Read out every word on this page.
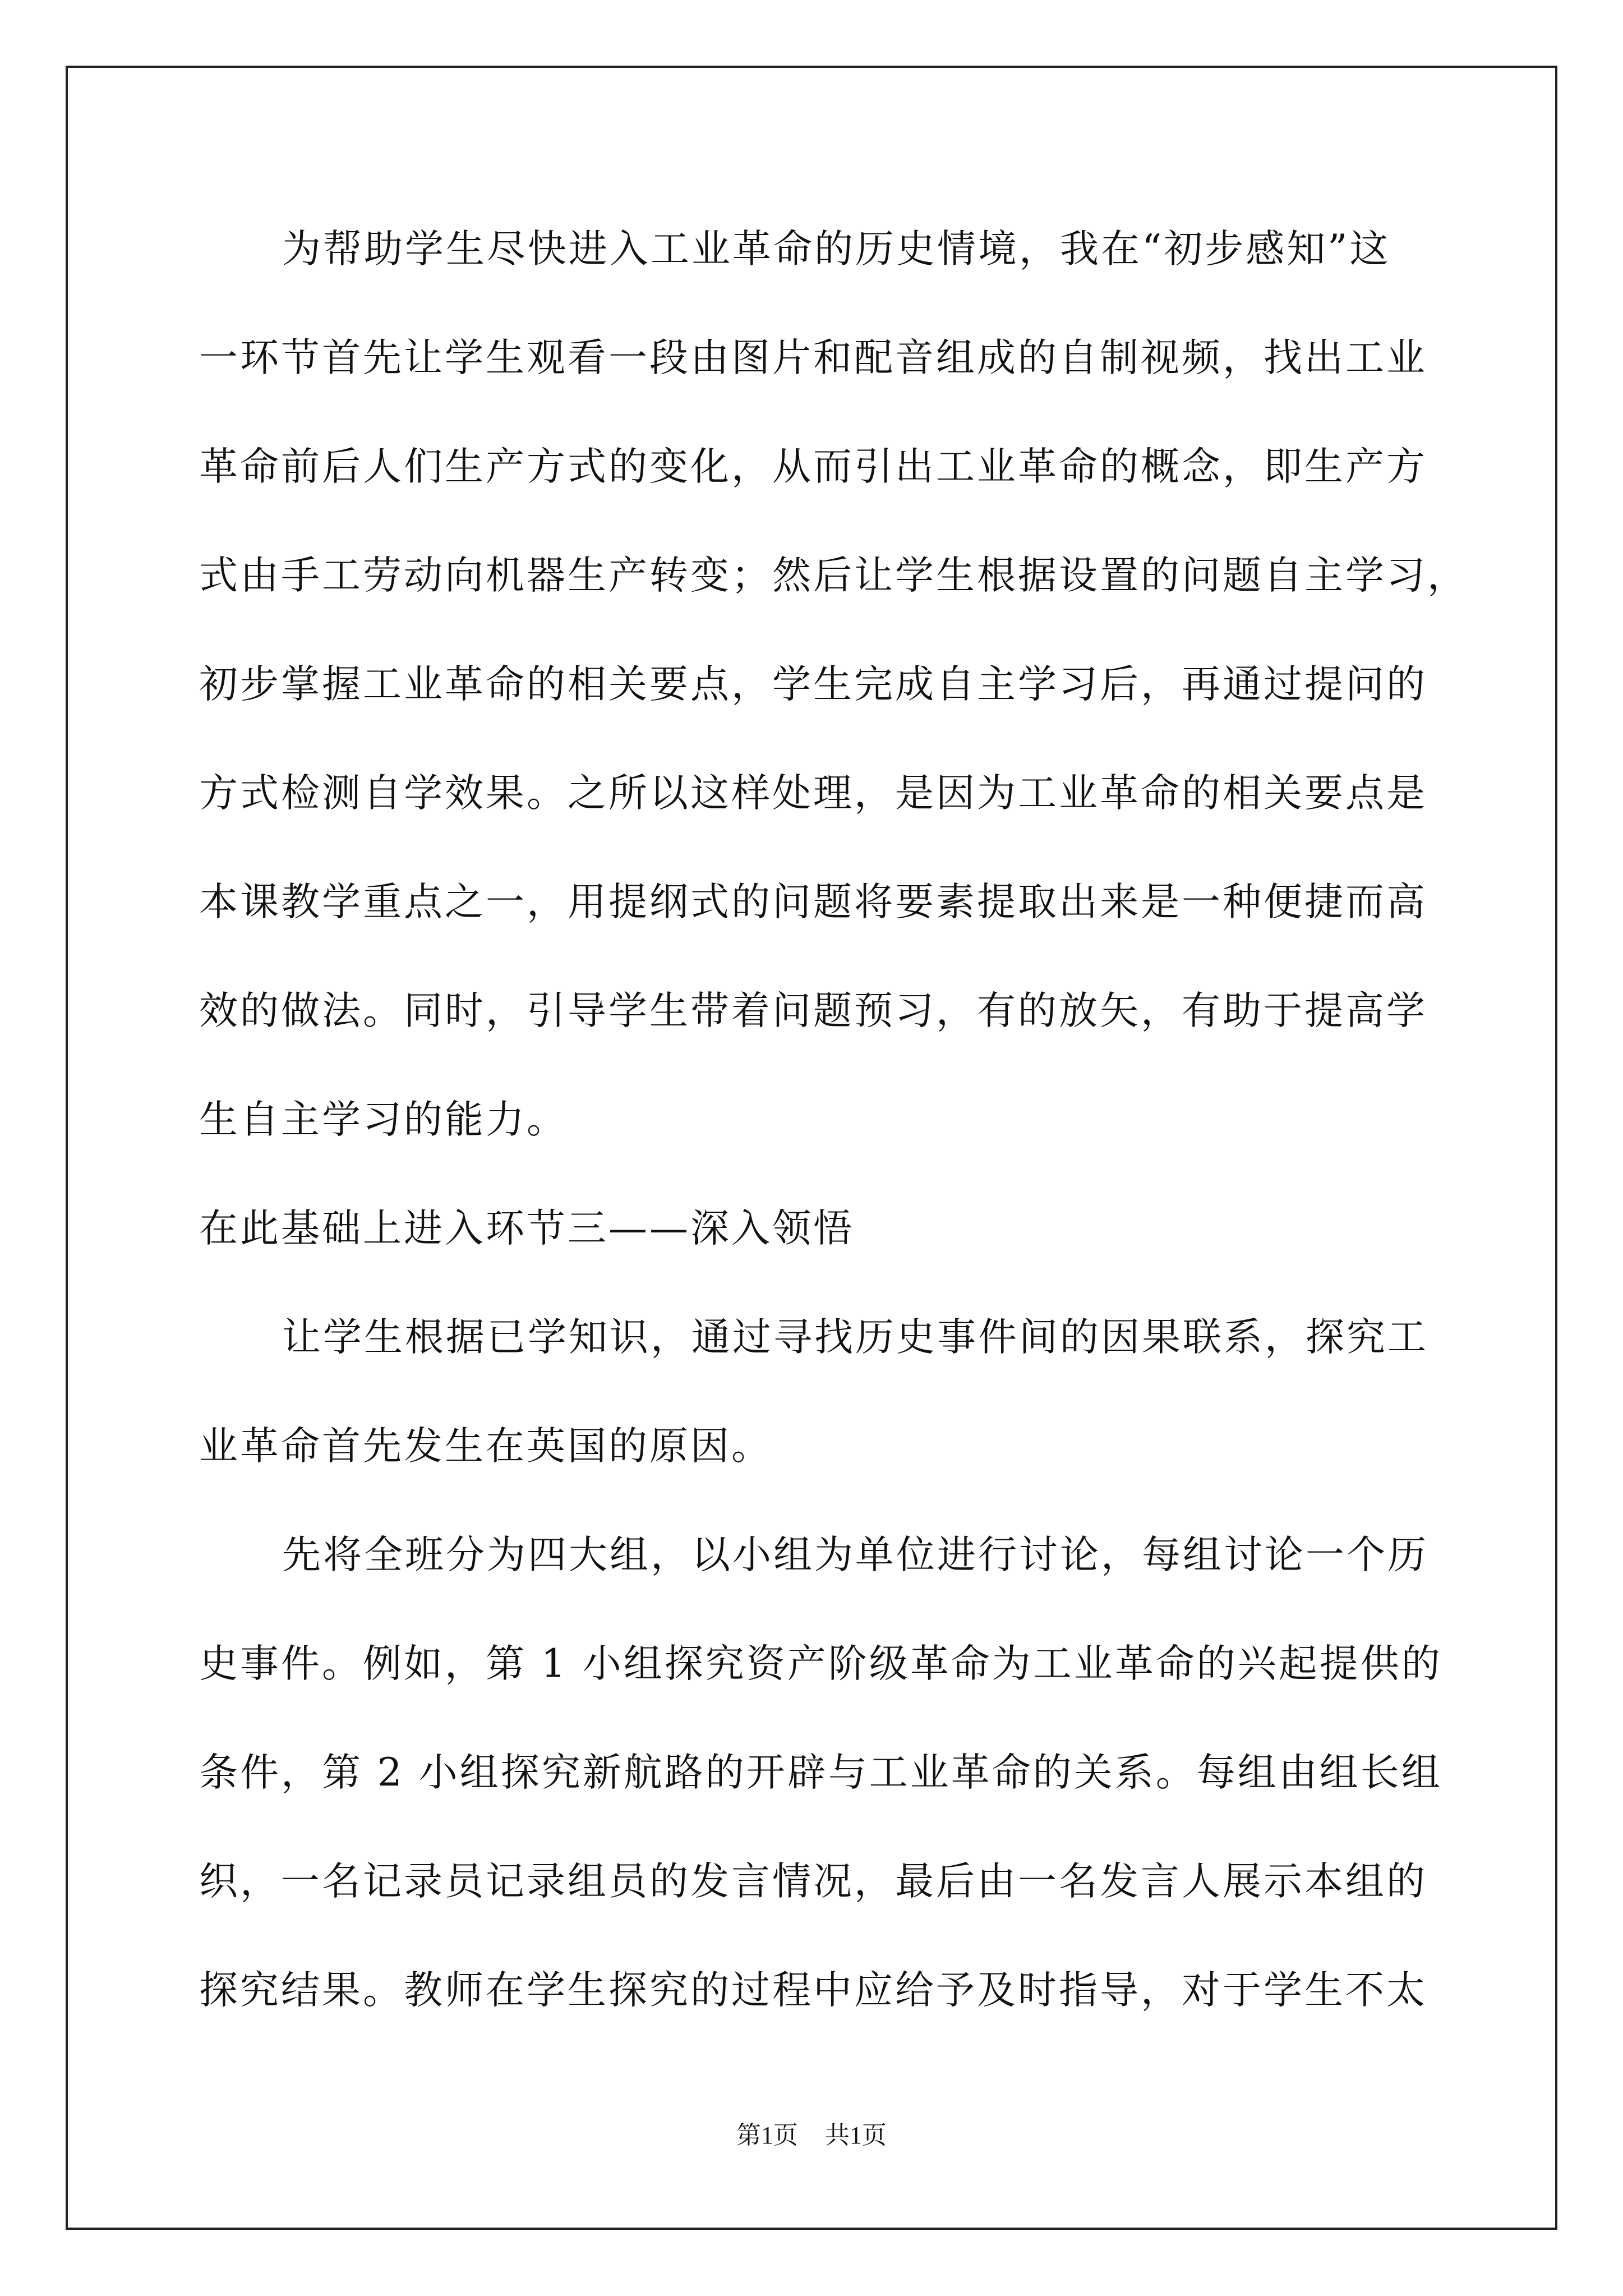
为帮助学生尽快进入工业革命的历史情境，我在“初步感知”这
一环节首先让学生观看一段由图片和配音组成的自制视频，找出工业
革命前后人们生产方式的变化，从而引出工业革命的概念，即生产方
式由手工劳动向机器生产转变；然后让学生根据设置的问题自主学习，
初步掌握工业革命的相关要点，学生完成自主学习后，再通过提问的
方式检测自学效果。之所以这样处理，是因为工业革命的相关要点是
本课教学重点之一，用提纲式的问题将要素提取出来是一种便捷而高
效的做法。同时，引导学生带着问题预习，有的放矢，有助于提高学
生自主学习的能力。
在此基础上进入环节三——深入领悟
让学生根据已学知识，通过寻找历史事件间的因果联系，探究工
业革命首先发生在英国的原因。
先将全班分为四大组，以小组为单位进行讨论，每组讨论一个历
史事件。例如，第 1 小组探究资产阶级革命为工业革命的兴起提供的
条件，第 2 小组探究新航路的开辟与工业革命的关系。每组由组长组
织，一名记录员记录组员的发言情况，最后由一名发言人展示本组的
探究结果。教师在学生探究的过程中应给予及时指导，对于学生不太
第1页 共1页
